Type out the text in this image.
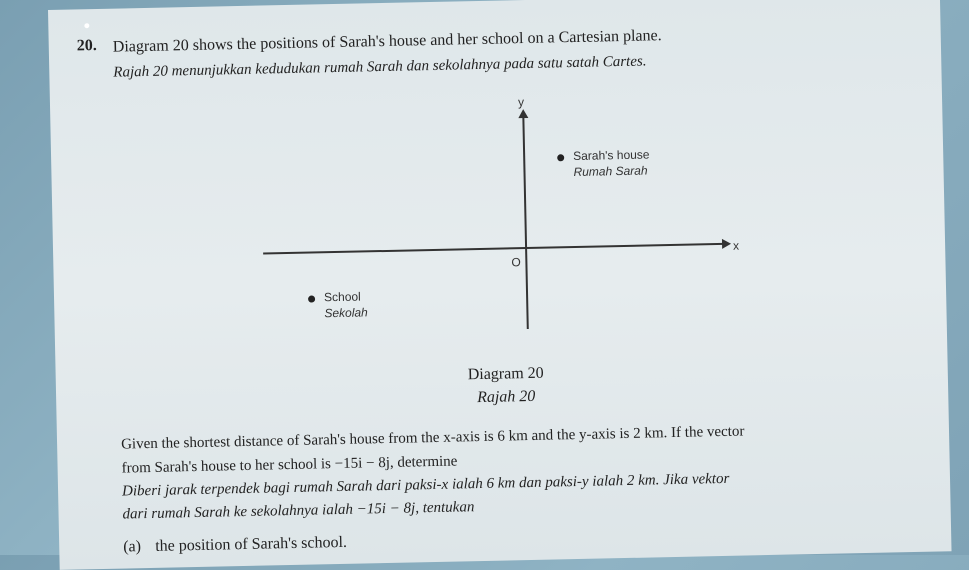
20. Diagram 20 shows the positions of Sarah's house and her school on a Cartesian plane.
Rajah 20 menunjukkan kedudukan rumah Sarah dan sekolahnya pada satu satah Cartes.
y
x
O
Sarah's house
Rumah Sarah
School
Sekolah
Diagram 20
Rajah 20
Given the shortest distance of Sarah's house from the x-axis is 6 km and the y-axis is 2 km. If the vector
from Sarah's house to her school is −15i − 8j, determine
Diberi jarak terpendek bagi rumah Sarah dari paksi-x ialah 6 km dan paksi-y ialah 2 km. Jika vektor
dari rumah Sarah ke sekolahnya ialah −15i − 8j, tentukan
(a) the position of Sarah's school.
